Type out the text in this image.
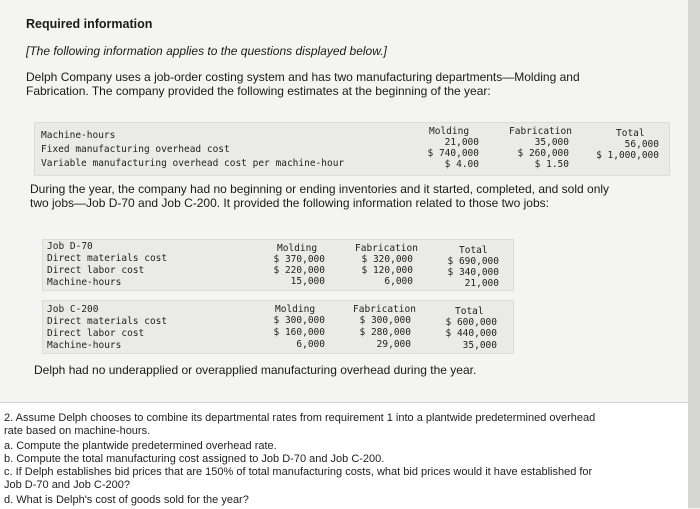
Required information
[The following information applies to the questions displayed below.]
Delph Company uses a job-order costing system and has two manufacturing departments—Molding and Fabrication. The company provided the following estimates at the beginning of the year:
Machine-hours
Fixed manufacturing overhead cost
Variable manufacturing overhead cost per machine-hour
Molding
21,000
$ 740,000
$ 4.00
Fabrication
35,000
$ 260,000
$ 1.50
Total
56,000
$ 1,000,000
During the year, the company had no beginning or ending inventories and it started, completed, and sold only two jobs—Job D-70 and Job C-200. It provided the following information related to those two jobs:
Job D-70
Direct materials cost
Direct labor cost
Machine-hours
Molding
$ 370,000
$ 220,000
15,000
Fabrication
$ 320,000
$ 120,000
6,000
Total
$ 690,000
$ 340,000
21,000
Job C-200
Direct materials cost
Direct labor cost
Machine-hours
Molding
$ 300,000
$ 160,000
6,000
Fabrication
$ 300,000
$ 280,000
29,000
Total
$ 600,000
$ 440,000
35,000
Delph had no underapplied or overapplied manufacturing overhead during the year.
2. Assume Delph chooses to combine its departmental rates from requirement 1 into a plantwide predetermined overhead
rate based on machine-hours.
a. Compute the plantwide predetermined overhead rate.
b. Compute the total manufacturing cost assigned to Job D-70 and Job C-200.
c. If Delph establishes bid prices that are 150% of total manufacturing costs, what bid prices would it have established for
Job D-70 and Job C-200?
d. What is Delph's cost of goods sold for the year?
